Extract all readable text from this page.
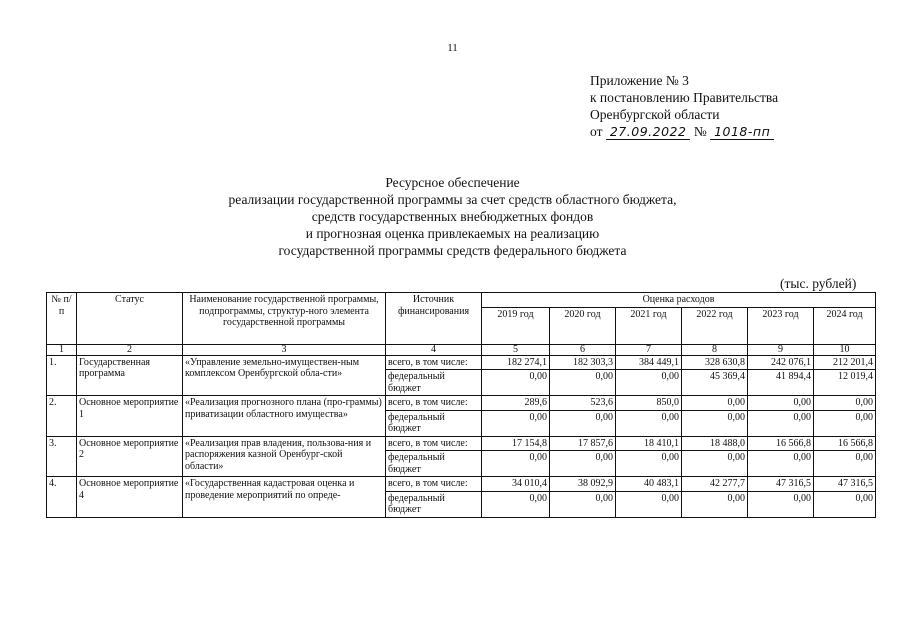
11
Приложение № 3
к постановлению Правительства
Оренбургской области
от 27.09.2022 № 1018-пп
Ресурсное обеспечение
реализации государственной программы за счет средств областного бюджета,
средств государственных внебюджетных фондов
и прогнозная оценка привлекаемых на реализацию
государственной программы средств федерального бюджета
(тыс. рублей)
№ п/п	Статус	Наименование государственной программы, подпрограммы, структур-ного элемента государственной программы	Источник финансирования	Оценка расходов					
				2019 год	2020 год	2021 год	2022 год	2023 год	2024 год
1	2	3	4	5	6	7	8	9	10
1.	Государственная программа	«Управление земельно-имуществен-ным комплексом Оренбургской обла-сти»	всего, в том числе:	182 274,1	182 303,3	384 449,1	328 630,8	242 076,1	212 201,4
			федеральный бюджет	0,00	0,00	0,00	45 369,4	41 894,4	12 019,4
2.	Основное мероприятие 1	«Реализация прогнозного плана (про-граммы) приватизации областного имущества»	всего, в том числе:	289,6	523,6	850,0	0,00	0,00	0,00
			федеральный бюджет	0,00	0,00	0,00	0,00	0,00	0,00
3.	Основное мероприятие 2	«Реализация прав владения, пользова-ния и распоряжения казной Оренбург-ской области»	всего, в том числе:	17 154,8	17 857,6	18 410,1	18 488,0	16 566,8	16 566,8
			федеральный бюджет	0,00	0,00	0,00	0,00	0,00	0,00
4.	Основное мероприятие 4	«Государственная кадастровая оценка и проведение мероприятий по опреде-	всего, в том числе:	34 010,4	38 092,9	40 483,1	42 277,7	47 316,5	47 316,5
			федеральный бюджет	0,00	0,00	0,00	0,00	0,00	0,00
